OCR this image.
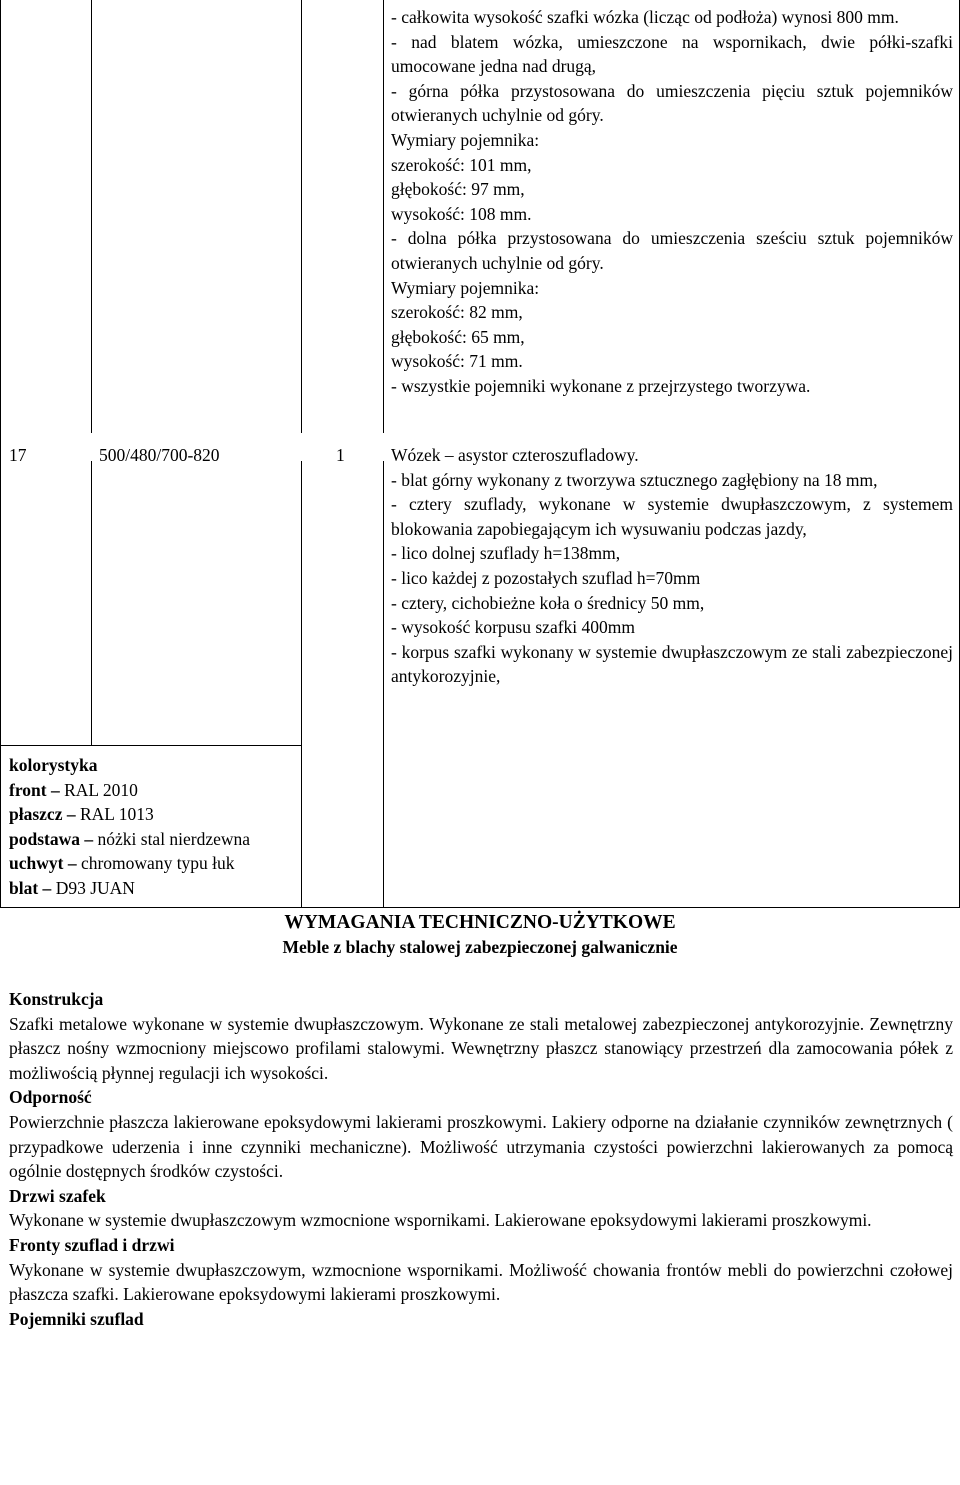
- całkowita wysokość szafki wózka (licząc od podłoża) wynosi 800 mm.
- nad blatem wózka, umieszczone na wspornikach, dwie półki-szafki umocowane jedna nad drugą,
- górna półka przystosowana do umieszczenia pięciu sztuk pojemników otwieranych uchylnie od góry.
Wymiary pojemnika:
szerokość: 101 mm,
głębokość: 97 mm,
wysokość: 108 mm.
- dolna półka przystosowana do umieszczenia sześciu sztuk pojemników otwieranych uchylnie od góry.
Wymiary pojemnika:
szerokość: 82 mm,
głębokość: 65 mm,
wysokość: 71 mm.
- wszystkie pojemniki wykonane z przejrzystego tworzywa.
17	500/480/700-820	1	Wózek – asystor czteroszufladowy.
- blat górny wykonany z tworzywa sztucznego zagłębiony na 18 mm,
- cztery szuflady, wykonane w systemie dwupłaszczowym, z systemem blokowania zapobiegającym ich wysuwaniu podczas jazdy,
- lico dolnej szuflady h=138mm,
- lico każdej z pozostałych szuflad h=70mm
- cztery, cichobieżne koła o średnicy 50 mm,
- wysokość korpusu szafki 400mm
- korpus szafki wykonany w systemie dwupłaszczowym ze stali zabezpieczonej antykorozyjnie,
kolorystyka
front – RAL 2010
płaszcz – RAL 1013
podstawa – nóżki stal nierdzewna
uchwyt – chromowany typu łuk
blat – D93 JUAN
WYMAGANIA TECHNICZNO-UŻYTKOWE
Meble z blachy stalowej zabezpieczonej galwanicznie
Konstrukcja
Szafki metalowe wykonane w systemie dwupłaszczowym. Wykonane ze stali metalowej zabezpieczonej antykorozyjnie. Zewnętrzny płaszcz nośny wzmocniony miejscowo profilami stalowymi. Wewnętrzny płaszcz stanowiący przestrzeń dla zamocowania półek z możliwością płynnej regulacji ich wysokości.
Odporność
Powierzchnie płaszcza lakierowane epoksydowymi lakierami proszkowymi. Lakiery odporne na działanie czynników zewnętrznych ( przypadkowe uderzenia i inne czynniki mechaniczne). Możliwość utrzymania czystości powierzchni lakierowanych za pomocą ogólnie dostępnych środków czystości.
Drzwi szafek
Wykonane w systemie dwupłaszczowym wzmocnione wspornikami. Lakierowane epoksydowymi lakierami proszkowymi.
Fronty szuflad i drzwi
Wykonane w systemie dwupłaszczowym, wzmocnione wspornikami. Możliwość chowania frontów mebli do powierzchni czołowej płaszcza szafki. Lakierowane epoksydowymi lakierami proszkowymi.
Pojemniki szuflad
